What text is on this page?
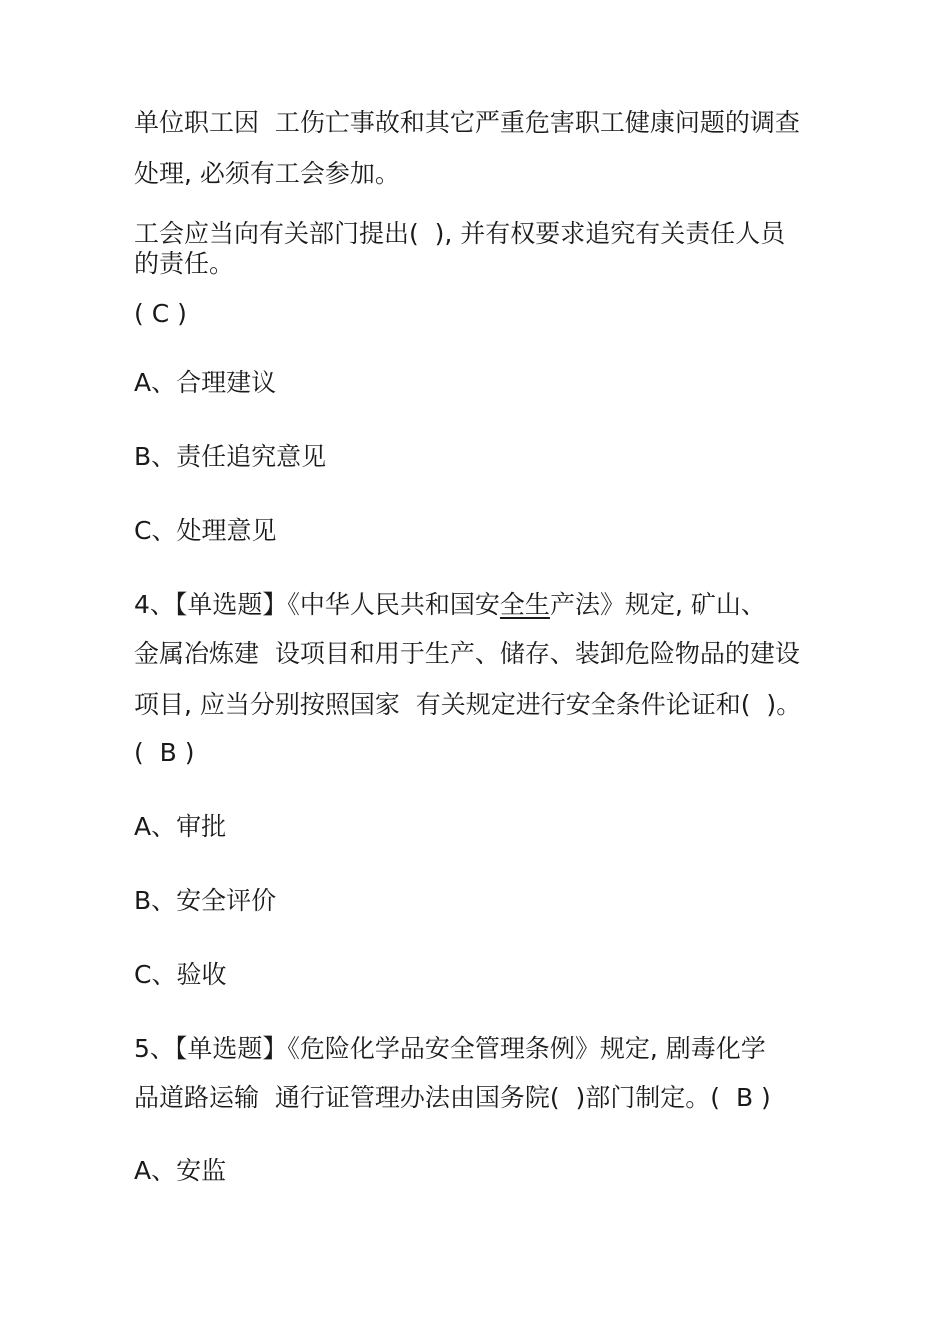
单位职工因  工伤亡事故和其它严重危害职工健康问题的调查
处理, 必须有工会参加。
工会应当向有关部门提出(  ), 并有权要求追究有关责任人员
的责任。
( C )
A、合理建议
B、责任追究意见
C、处理意见
4、【单选题】《中华人民共和国安全生产法》规定, 矿山、
金属冶炼建  设项目和用于生产、储存、装卸危险物品的建设
项目, 应当分别按照国家  有关规定进行安全条件论证和(  )。
(  B )
A、审批
B、安全评价
C、验收
5、【单选题】《危险化学品安全管理条例》规定, 剧毒化学
品道路运输  通行证管理办法由国务院(  )部门制定。(  B )
A、安监
